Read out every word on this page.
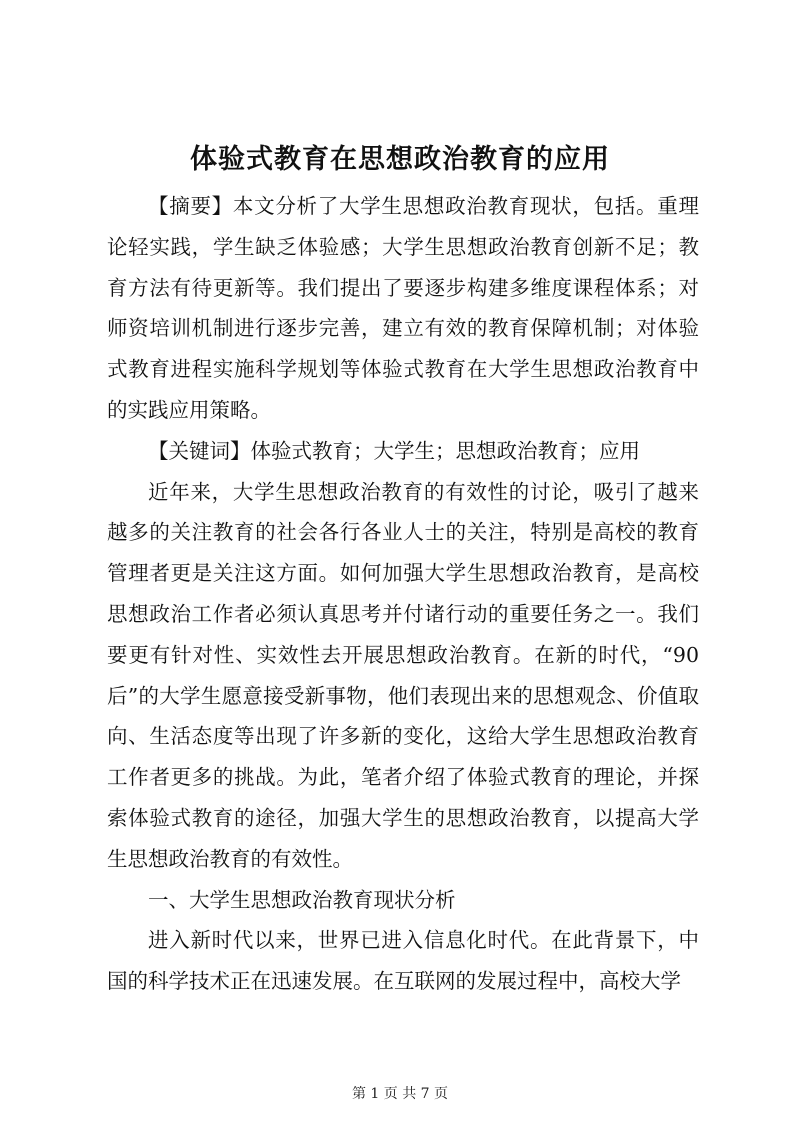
体验式教育在思想政治教育的应用

【摘要】本文分析了大学生思想政治教育现状，包括。重理论轻实践，学生缺乏体验感；大学生思想政治教育创新不足；教育方法有待更新等。我们提出了要逐步构建多维度课程体系；对师资培训机制进行逐步完善，建立有效的教育保障机制；对体验式教育进程实施科学规划等体验式教育在大学生思想政治教育中的实践应用策略。

【关键词】体验式教育；大学生；思想政治教育；应用

近年来，大学生思想政治教育的有效性的讨论，吸引了越来越多的关注教育的社会各行各业人士的关注，特别是高校的教育管理者更是关注这方面。如何加强大学生思想政治教育，是高校思想政治工作者必须认真思考并付诸行动的重要任务之一。我们要更有针对性、实效性去开展思想政治教育。在新的时代，“90后”的大学生愿意接受新事物，他们表现出来的思想观念、价值取向、生活态度等出现了许多新的变化，这给大学生思想政治教育工作者更多的挑战。为此，笔者介绍了体验式教育的理论，并探索体验式教育的途径，加强大学生的思想政治教育，以提高大学生思想政治教育的有效性。

一、大学生思想政治教育现状分析

进入新时代以来，世界已进入信息化时代。在此背景下，中国的科学技术正在迅速发展。在互联网的发展过程中，高校大学

第 1 页 共 7 页
